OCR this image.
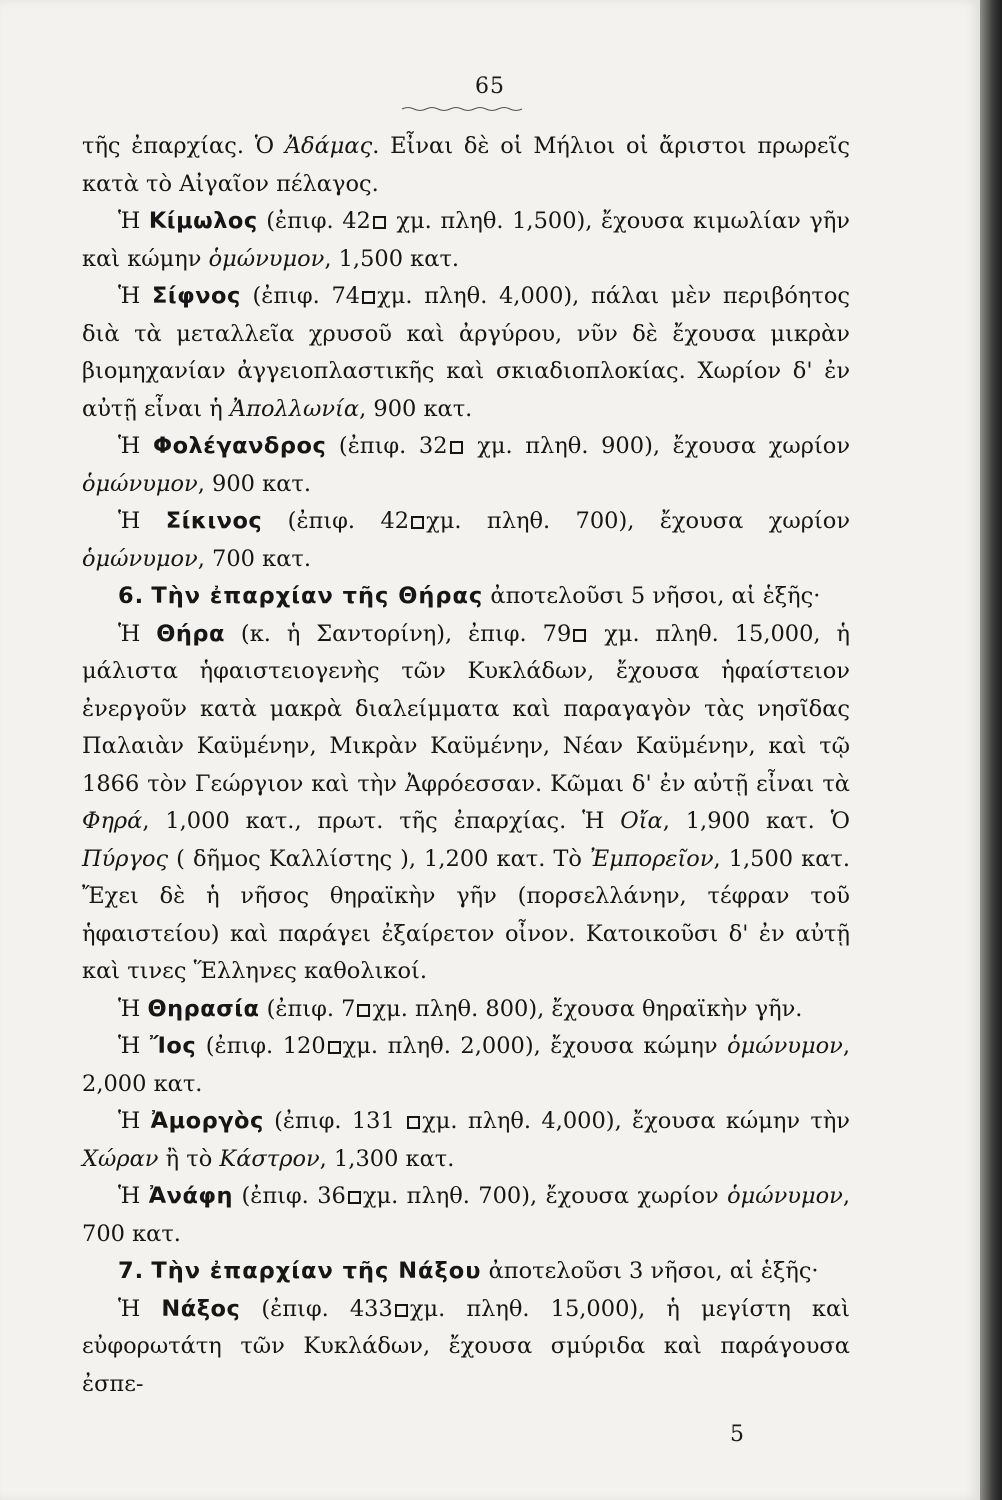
65

τῆς ἐπαρχίας. Ὁ Ἀδάμας. Εἶναι δὲ οἱ Μήλιοι οἱ ἄριστοι πρωρεῖς κατὰ τὸ Αἰγαῖον πέλαγος.

Ἡ Κίμωλος (ἐπιφ. 42 χμ. πληθ. 1,500), ἔχουσα κιμωλίαν γῆν καὶ κώμην ὁμώνυμον, 1,500 κατ.

Ἡ Σίφνος (ἐπιφ. 74 χμ. πληθ. 4,000), πάλαι μὲν περιβόητος διὰ τὰ μεταλλεῖα χρυσοῦ καὶ ἀργύρου, νῦν δὲ ἔχουσα μικρὰν βιομηχανίαν ἀγγειοπλαστικῆς καὶ σκιαδιοπλοκίας. Χωρίον δ' ἐν αὐτῇ εἶναι ἡ Ἀπολλωνία, 900 κατ.

Ἡ Φολέγανδρος (ἐπιφ. 32 χμ. πληθ. 900), ἔχουσα χωρίον ὁμώνυμον, 900 κατ.

Ἡ Σίκινος (ἐπιφ. 42 χμ. πληθ. 700), ἔχουσα χωρίον ὁμώνυμον, 700 κατ.

6. Τὴν ἐπαρχίαν τῆς Θήρας ἀποτελοῦσι 5 νῆσοι, αἱ ἑξῆς·

Ἡ Θήρα (κ. ἡ Σαντορίνη), ἐπιφ. 79 χμ. πληθ. 15,000, ἡ μάλιστα ἡφαιστειογενὴς τῶν Κυκλάδων, ἔχουσα ἡφαίστειον ἐνεργοῦν κατὰ μακρὰ διαλείμματα καὶ παραγαγὸν τὰς νησῖδας Παλαιὰν Καϋμένην, Μικρὰν Καϋμένην, Νέαν Καϋμένην, καὶ τῷ 1866 τὸν Γεώργιον καὶ τὴν Ἀφρόεσσαν. Κῶμαι δ' ἐν αὐτῇ εἶναι τὰ Φηρά, 1,000 κατ., πρωτ. τῆς ἐπαρχίας. Ἡ Οἴα, 1,900 κατ. Ὁ Πύργος ( δῆμος Καλλίστης ), 1,200 κατ. Τὸ Ἐμπορεῖον, 1,500 κατ. Ἔχει δὲ ἡ νῆσος θηραϊκὴν γῆν (πορσελλάνην, τέφραν τοῦ ἡφαιστείου) καὶ παράγει ἐξαίρετον οἶνον. Κατοικοῦσι δ' ἐν αὐτῇ καὶ τινες Ἕλληνες καθολικοί.

Ἡ Θηρασία (ἐπιφ. 7 χμ. πληθ. 800), ἔχουσα θηραϊκὴν γῆν.

Ἡ Ἴος (ἐπιφ. 120 χμ. πληθ. 2,000), ἔχουσα κώμην ὁμώνυμον, 2,000 κατ.

Ἡ Ἀμοργὸς (ἐπιφ. 131 χμ. πληθ. 4,000), ἔχουσα κώμην τὴν Χώραν ἢ τὸ Κάστρον, 1,300 κατ.

Ἡ Ἀνάφη (ἐπιφ. 36 χμ. πληθ. 700), ἔχουσα χωρίον ὁμώνυμον, 700 κατ.

7. Τὴν ἐπαρχίαν τῆς Νάξου ἀποτελοῦσι 3 νῆσοι, αἱ ἑξῆς·

Ἡ Νάξος (ἐπιφ. 433 χμ. πληθ. 15,000), ἡ μεγίστη καὶ εὐφορωτάτη τῶν Κυκλάδων, ἔχουσα σμύριδα καὶ παράγουσα ἐσπε-

5
